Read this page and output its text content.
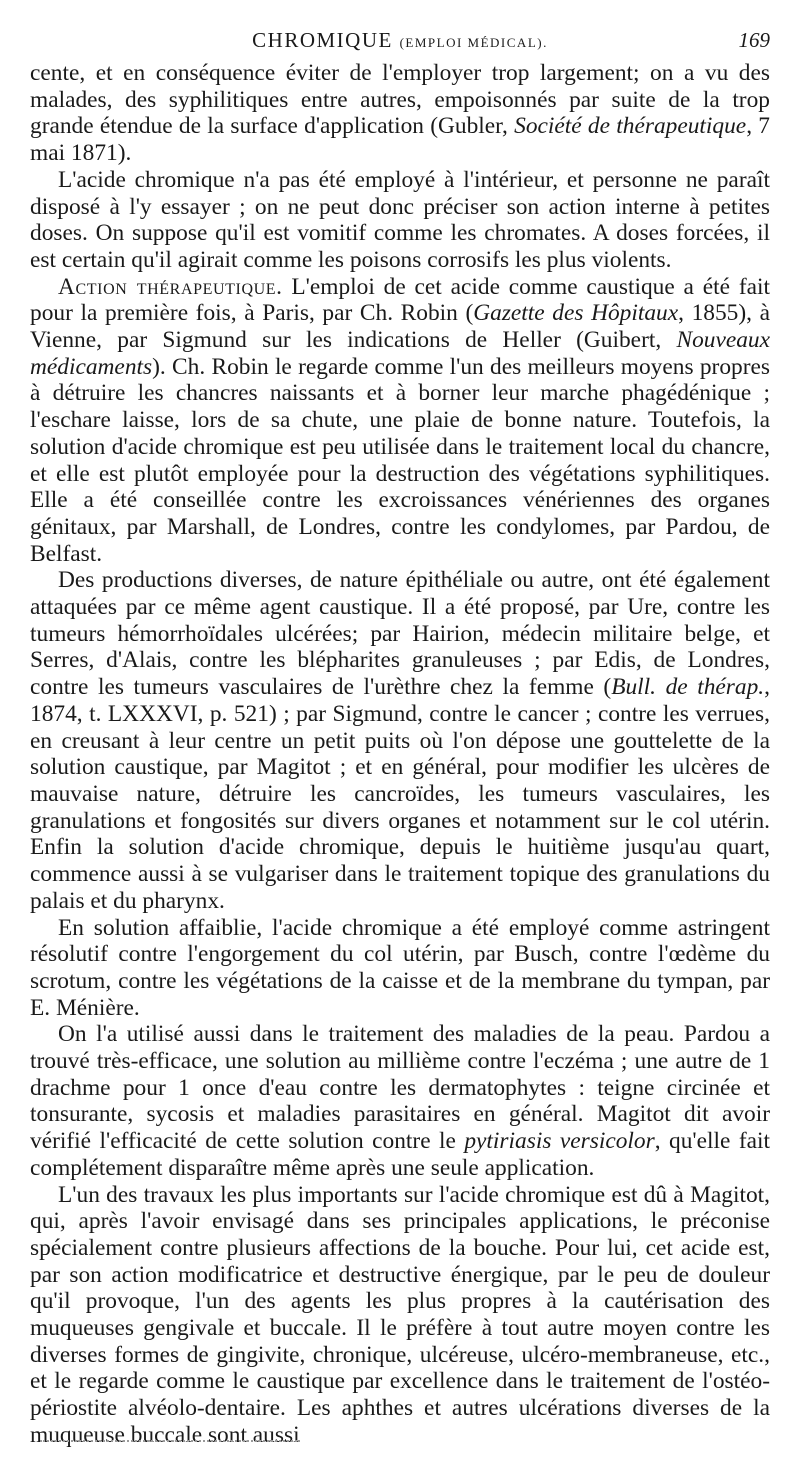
CHROMIQUE (EMPLOI MÉDICAL).	169

cente, et en conséquence éviter de l'employer trop largement; on a vu des malades, des syphilitiques entre autres, empoisonnés par suite de la trop grande étendue de la surface d'application (Gubler, Société de thérapeutique, 7 mai 1871).

L'acide chromique n'a pas été employé à l'intérieur, et personne ne paraît disposé à l'y essayer ; on ne peut donc préciser son action interne à petites doses. On suppose qu'il est vomitif comme les chromates. A doses forcées, il est certain qu'il agirait comme les poisons corrosifs les plus violents.

Action thérapeutique. L'emploi de cet acide comme caustique a été fait pour la première fois, à Paris, par Ch. Robin (Gazette des Hôpitaux, 1855), à Vienne, par Sigmund sur les indications de Heller (Guibert, Nouveaux médicaments). Ch. Robin le regarde comme l'un des meilleurs moyens propres à détruire les chancres naissants et à borner leur marche phagédénique ; l'eschare laisse, lors de sa chute, une plaie de bonne nature. Toutefois, la solution d'acide chromique est peu utilisée dans le traitement local du chancre, et elle est plutôt employée pour la destruction des végétations syphilitiques. Elle a été conseillée contre les excroissances vénériennes des organes génitaux, par Marshall, de Londres, contre les condylomes, par Pardou, de Belfast.

Des productions diverses, de nature épithéliale ou autre, ont été également attaquées par ce même agent caustique. Il a été proposé, par Ure, contre les tumeurs hémorrhoïdales ulcérées; par Hairion, médecin militaire belge, et Serres, d'Alais, contre les blépharites granuleuses ; par Edis, de Londres, contre les tumeurs vasculaires de l'urèthre chez la femme (Bull. de thérap., 1874, t. LXXXVI, p. 521) ; par Sigmund, contre le cancer ; contre les verrues, en creusant à leur centre un petit puits où l'on dépose une gouttelette de la solution caustique, par Magitot ; et en général, pour modifier les ulcères de mauvaise nature, détruire les cancroïdes, les tumeurs vasculaires, les granulations et fongosités sur divers organes et notamment sur le col utérin. Enfin la solution d'acide chromique, depuis le huitième jusqu'au quart, commence aussi à se vulgariser dans le traitement topique des granulations du palais et du pharynx.

En solution affaiblie, l'acide chromique a été employé comme astringent résolutif contre l'engorgement du col utérin, par Busch, contre l'œdème du scrotum, contre les végétations de la caisse et de la membrane du tympan, par E. Ménière.

On l'a utilisé aussi dans le traitement des maladies de la peau. Pardou a trouvé très-efficace, une solution au millième contre l'eczéma ; une autre de 1 drachme pour 1 once d'eau contre les dermatophytes : teigne circinée et tonsurante, sycosis et maladies parasitaires en général. Magitot dit avoir vérifié l'efficacité de cette solution contre le pytiriasis versicolor, qu'elle fait complétement disparaître même après une seule application.

L'un des travaux les plus importants sur l'acide chromique est dû à Magitot, qui, après l'avoir envisagé dans ses principales applications, le préconise spécialement contre plusieurs affections de la bouche. Pour lui, cet acide est, par son action modificatrice et destructive énergique, par le peu de douleur qu'il provoque, l'un des agents les plus propres à la cautérisation des muqueuses gengivale et buccale. Il le préfère à tout autre moyen contre les diverses formes de gingivite, chronique, ulcéreuse, ulcéro-membraneuse, etc., et le regarde comme le caustique par excellence dans le traitement de l'ostéo-périostite alvéolo-dentaire. Les aphthes et autres ulcérations diverses de la muqueuse buccale sont aussi
